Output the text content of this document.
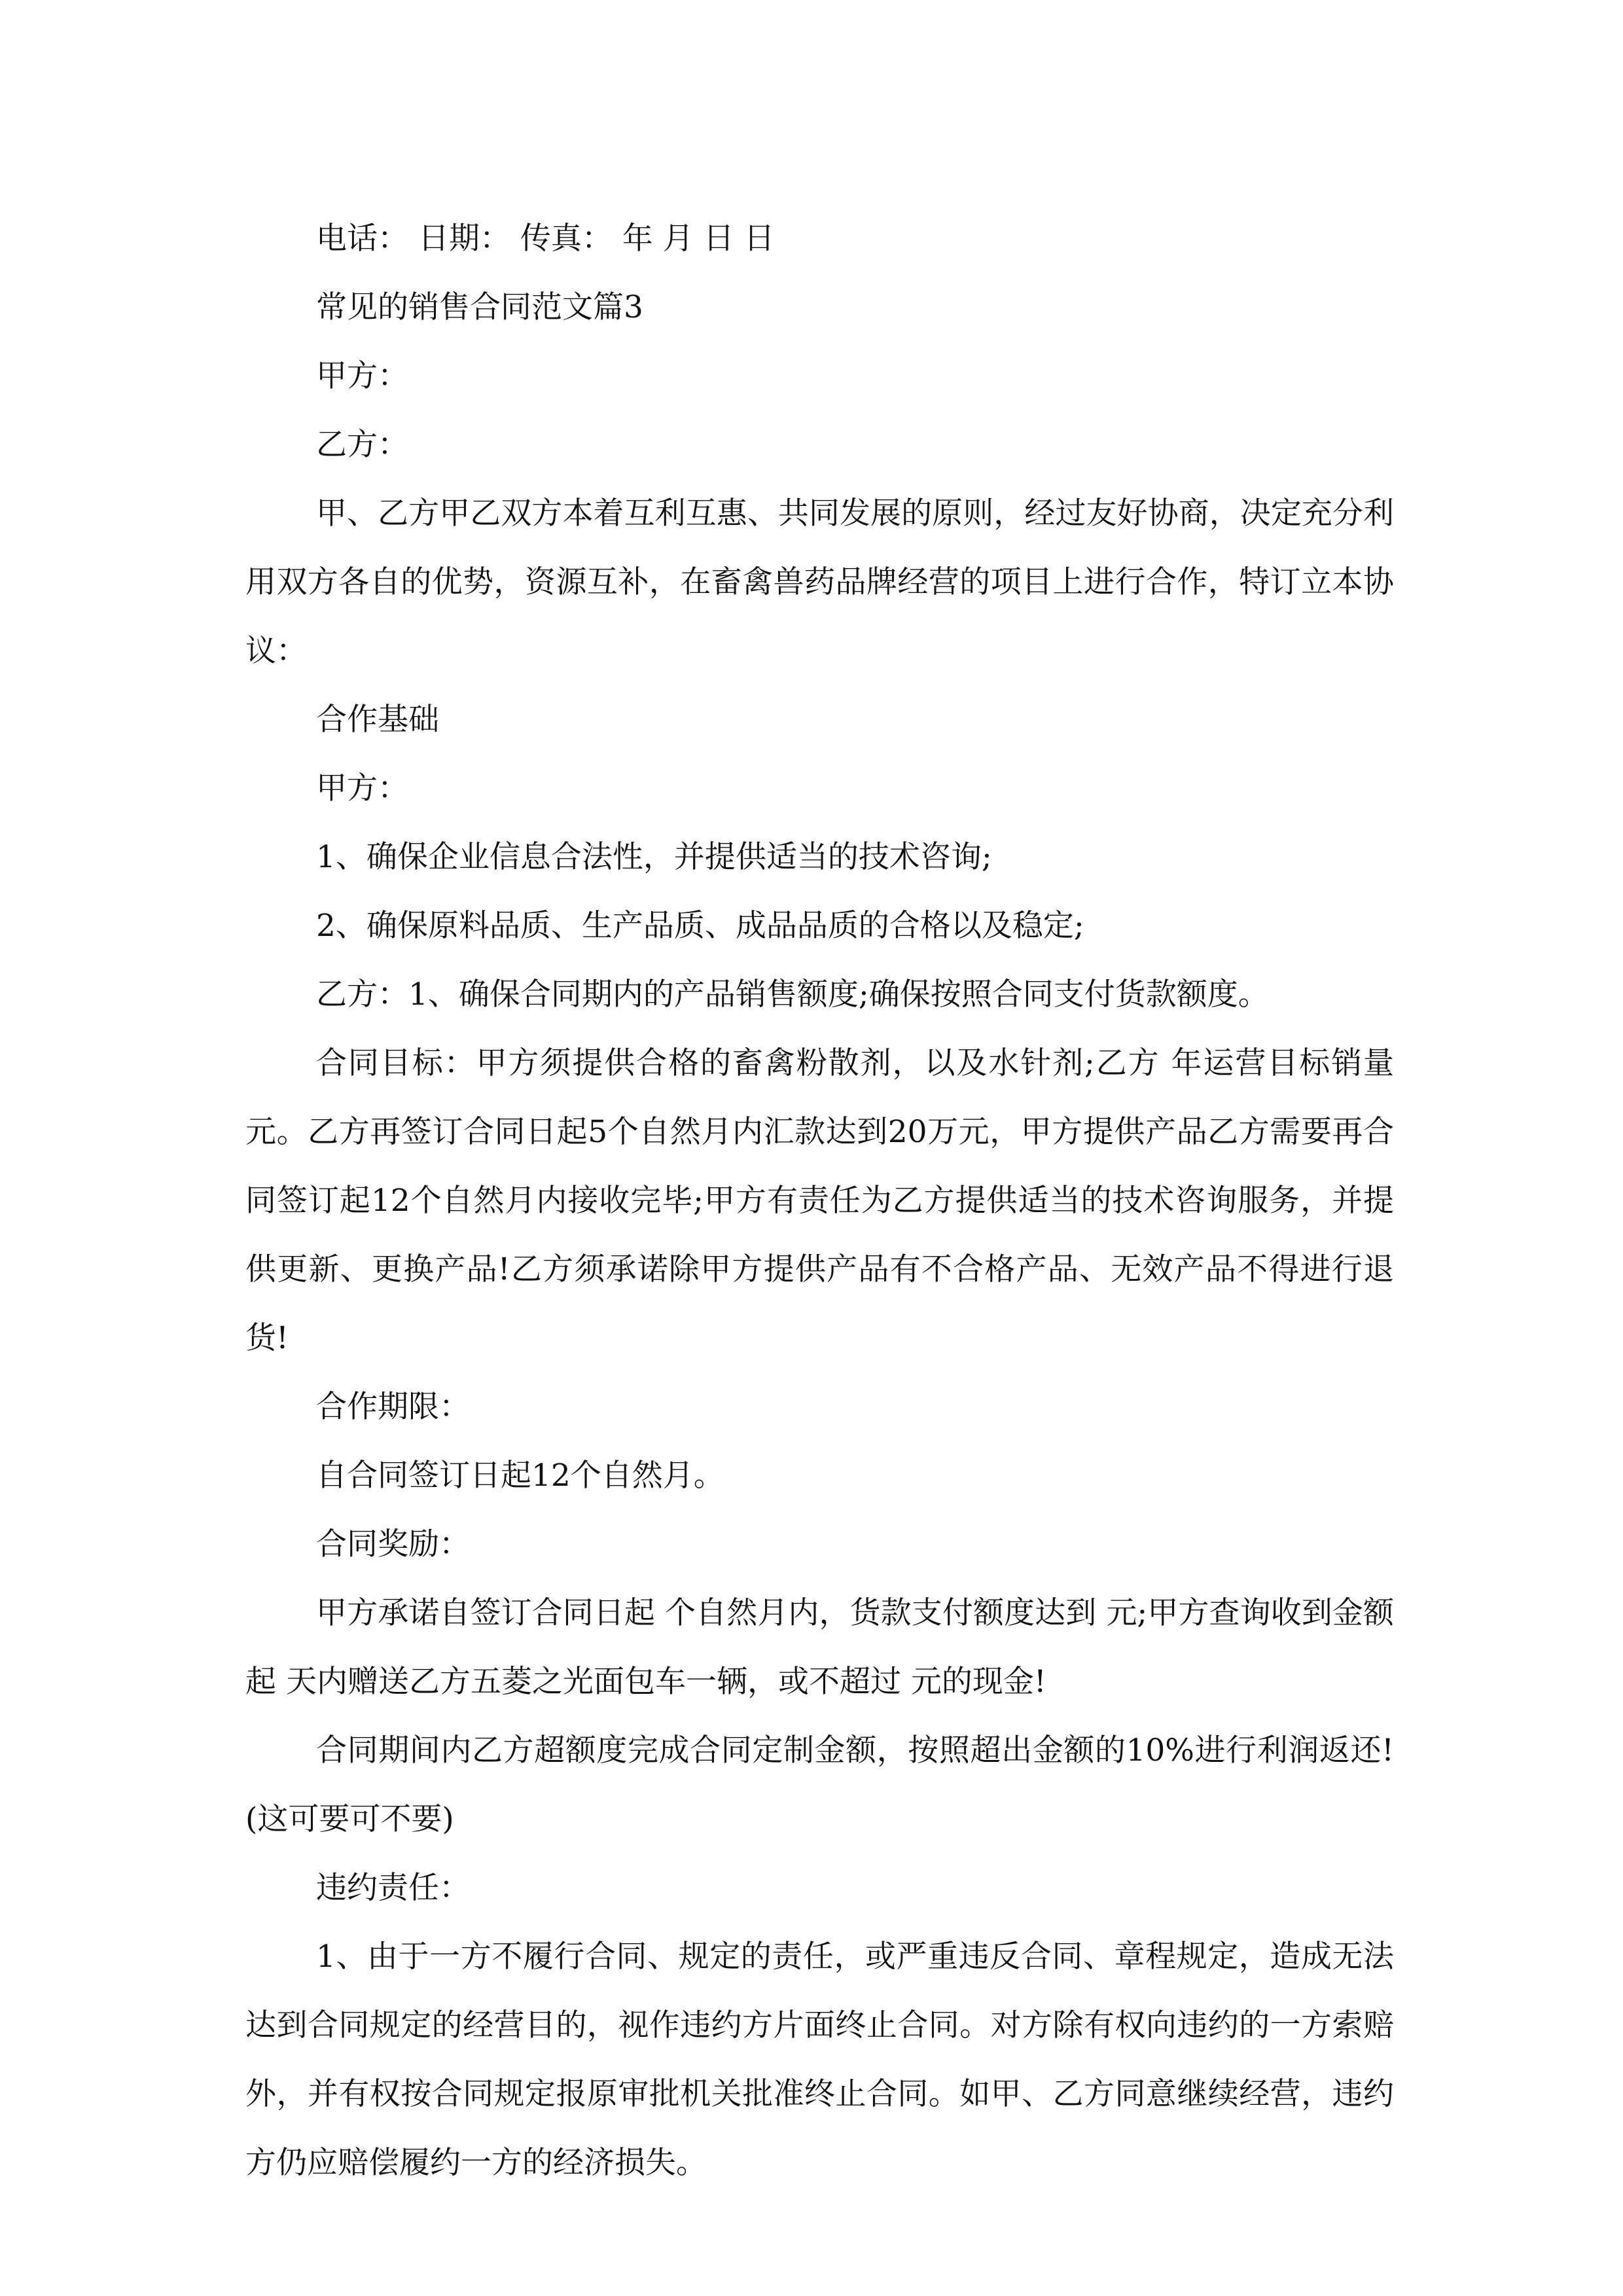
电话： 日期： 传真： 年 月 日 日

常见的销售合同范文篇3

甲方：

乙方：

甲、乙方甲乙双方本着互利互惠、共同发展的原则，经过友好协商，决定充分利用双方各自的优势，资源互补，在畜禽兽药品牌经营的项目上进行合作，特订立本协议：

合作基础

甲方：

1、确保企业信息合法性，并提供适当的技术咨询;

2、确保原料品质、生产品质、成品品质的合格以及稳定;

乙方：1、确保合同期内的产品销售额度;确保按照合同支付货款额度。

合同目标：甲方须提供合格的畜禽粉散剂，以及水针剂;乙方 年运营目标销量 元。乙方再签订合同日起5个自然月内汇款达到20万元，甲方提供产品乙方需要再合同签订起12个自然月内接收完毕;甲方有责任为乙方提供适当的技术咨询服务，并提供更新、更换产品!乙方须承诺除甲方提供产品有不合格产品、无效产品不得进行退货!

合作期限：

自合同签订日起12个自然月。

合同奖励：

甲方承诺自签订合同日起 个自然月内，货款支付额度达到 元;甲方查询收到金额起 天内赠送乙方五菱之光面包车一辆，或不超过 元的现金!

合同期间内乙方超额度完成合同定制金额，按照超出金额的10%进行利润返还!(这可要可不要)

违约责任：

1、由于一方不履行合同、规定的责任，或严重违反合同、章程规定，造成无法达到合同规定的经营目的，视作违约方片面终止合同。对方除有权向违约的一方索赔外，并有权按合同规定报原审批机关批准终止合同。如甲、乙方同意继续经营，违约方仍应赔偿履约一方的经济损失。
